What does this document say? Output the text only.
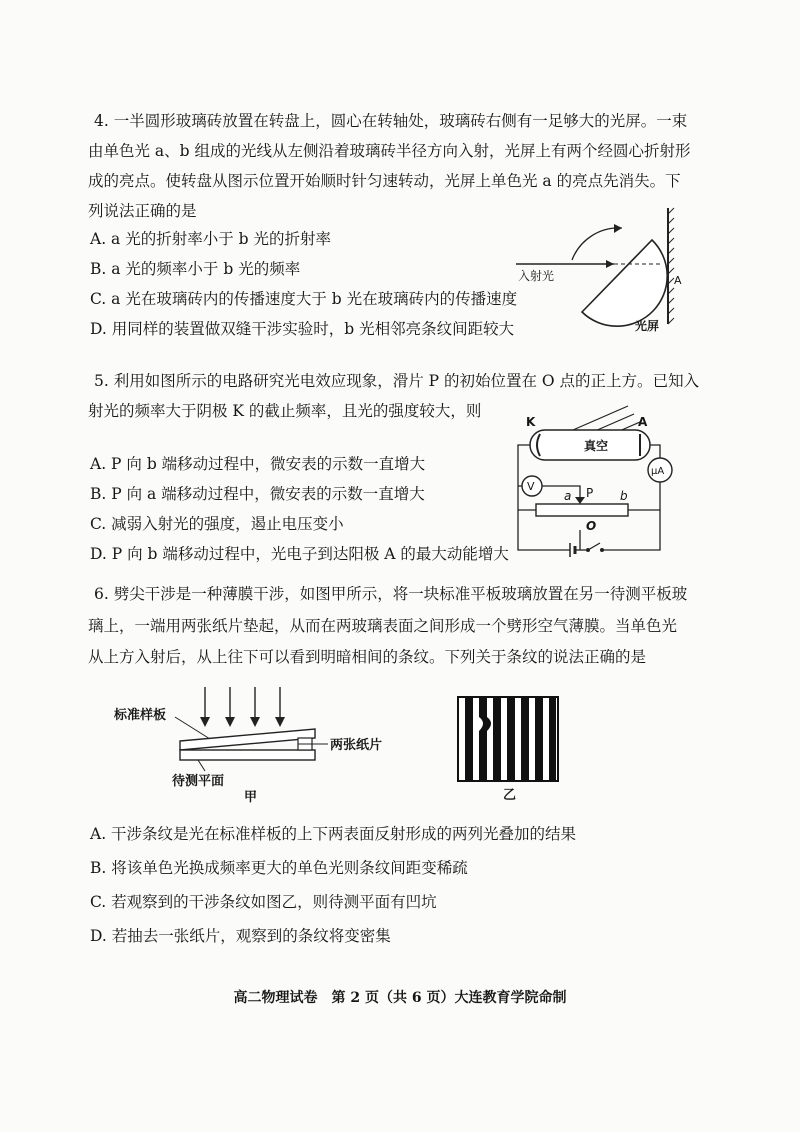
4. 一半圆形玻璃砖放置在转盘上，圆心在转轴处，玻璃砖右侧有一足够大的光屏。一束
由单色光 a、b 组成的光线从左侧沿着玻璃砖半径方向入射，光屏上有两个经圆心折射形
成的亮点。使转盘从图示位置开始顺时针匀速转动，光屏上单色光 a 的亮点先消失。下
列说法正确的是
A. a 光的折射率小于 b 光的折射率
B. a 光的频率小于 b 光的频率
C. a 光在玻璃砖内的传播速度大于 b 光在玻璃砖内的传播速度
D. 用同样的装置做双缝干涉实验时，b 光相邻亮条纹间距较大
入射光	A
光屏
5. 利用如图所示的电路研究光电效应现象，滑片 P 的初始位置在 O 点的正上方。已知入
射光的频率大于阴极 K 的截止频率，且光的强度较大，则
A. P 向 b 端移动过程中，微安表的示数一直增大
B. P 向 a 端移动过程中，微安表的示数一直增大
C. 减弱入射光的强度，遏止电压变小
D. P 向 b 端移动过程中，光电子到达阳极 A 的最大动能增大
K	A
真空
μA
V
a P b
O
6. 劈尖干涉是一种薄膜干涉，如图甲所示，将一块标准平板玻璃放置在另一待测平板玻
璃上，一端用两张纸片垫起，从而在两玻璃表面之间形成一个劈形空气薄膜。当单色光
从上方入射后，从上往下可以看到明暗相间的条纹。下列关于条纹的说法正确的是
标准样板
两张纸片
待测平面
甲	乙
A. 干涉条纹是光在标准样板的上下两表面反射形成的两列光叠加的结果
B. 将该单色光换成频率更大的单色光则条纹间距变稀疏
C. 若观察到的干涉条纹如图乙，则待测平面有凹坑
D. 若抽去一张纸片，观察到的条纹将变密集
高二物理试卷　第 2 页（共 6 页）大连教育学院命制
